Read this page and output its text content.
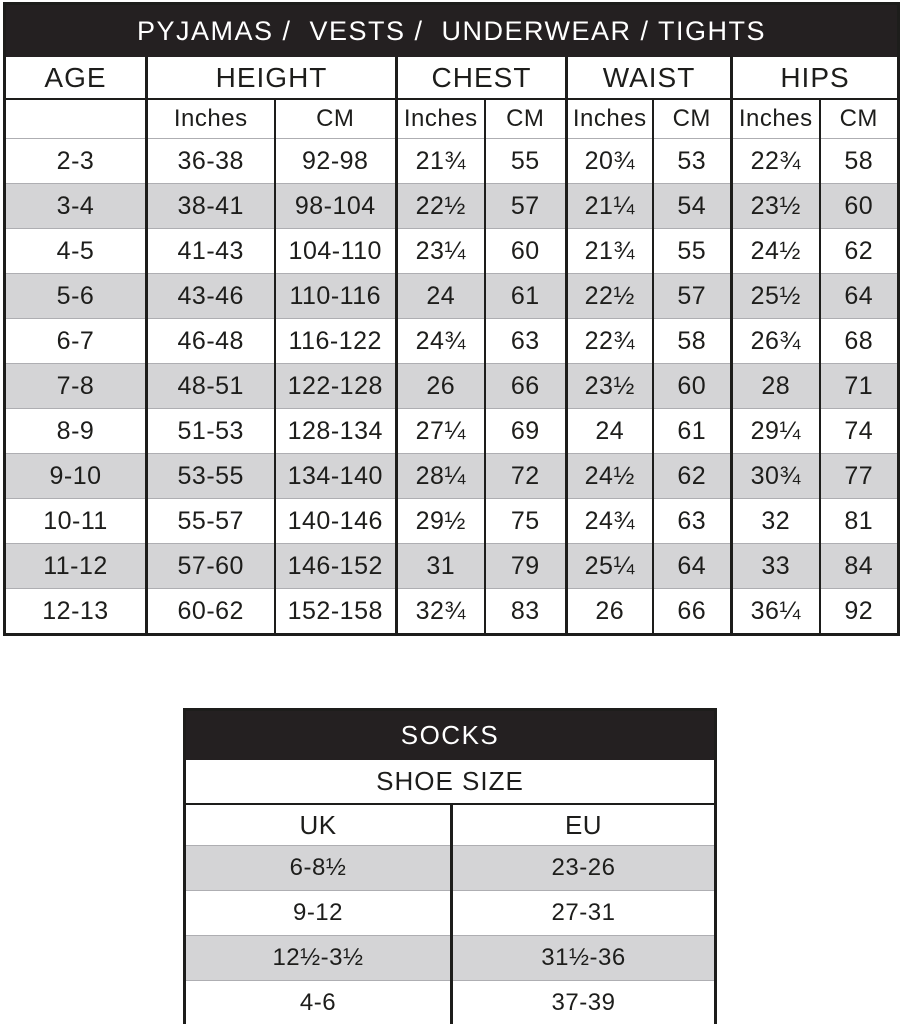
PYJAMAS /  VESTS /  UNDERWEAR / TIGHTS								
AGE	HEIGHT		CHEST		WAIST		HIPS	
	Inches	CM	Inches	CM	Inches	CM	Inches	CM
2-3	36-38	92-98	21¾	55	20¾	53	22¾	58
3-4	38-41	98-104	22½	57	21¼	54	23½	60
4-5	41-43	104-110	23¼	60	21¾	55	24½	62
5-6	43-46	110-116	24	61	22½	57	25½	64
6-7	46-48	116-122	24¾	63	22¾	58	26¾	68
7-8	48-51	122-128	26	66	23½	60	28	71
8-9	51-53	128-134	27¼	69	24	61	29¼	74
9-10	53-55	134-140	28¼	72	24½	62	30¾	77
10-11	55-57	140-146	29½	75	24¾	63	32	81
11-12	57-60	146-152	31	79	25¼	64	33	84
12-13	60-62	152-158	32¾	83	26	66	36¼	92
SOCKS	
SHOE SIZE	
UK	EU
6-8½	23-26
9-12	27-31
12½-3½	31½-36
4-6	37-39
